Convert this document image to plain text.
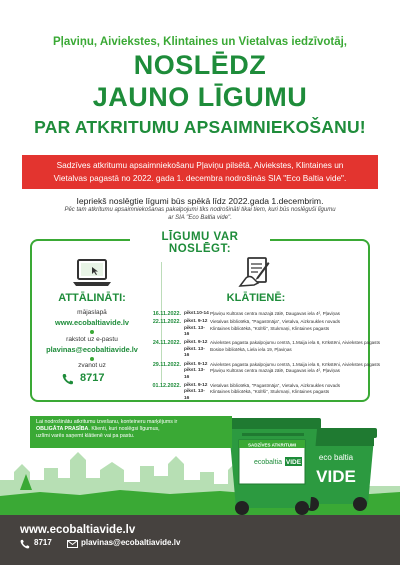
Pļaviņu, Aiviekstes, Klintaines un Vietalvas iedzīvotāj,
NOSLĒDZ
JAUNO LĪGUMU
PAR ATKRITUMU APSAIMNIEKOŠANU!
Sadzīves atkritumu apsaimniekošanu Pļaviņu pilsētā, Aiviekstes, Klintaines un
Vietalvas pagastā no 2022. gada 1. decembra nodrošinās SIA "Eco Baltia vide".
Iepriekš noslēgtie līgumi būs spēkā līdz 2022.gada 1.decembrim.
Pēc tam atkritumu apsaimniekošanas pakalpojumi tiks nodrošināti tikai tiem, kuri būs noslēguši līgumu
ar SIA "Eco Baltia vide".
LĪGUMU VAR NOSLĒGT:
ATTĀLINĀTI:
mājaslapā
www.ecobaltiavide.lv
rakstot uz e-pastu
plavinas@ecobaltiavide.lv
zvanot uz
8717
KLĀTIENĒ:
16.11.2022. pikst.10-14 Pļaviņu Kultūras centra mazajā zālē, Daugavas iela 4², Pļaviņas
22.11.2022. pikst. 9-12 Vietalvas bibliotēkā, "Pagastmāja", Vietalva, Aizkraukles novads
pikst. 13-16
Klintaines bibliotēkā, "Kūlīši", Stukmaņi, Klintaines pagasts
24.11.2022. pikst. 9-12 Aiviekstes pagasta pakalpojumu centrā, 1.Maija iela 6, Krīkstēni, Aiviekstes pagasts
pikst. 13-16
Bosiūe bibliotēkā, Liela iela 19, Pļaviņas
29.11.2022. pikst. 9-12 Aiviekstes pagasta pakalpojumu centrā, 1.Maija iela 6, Krīkstēni, Aiviekstes pagasts
pikst. 13-16
Pļaviņu Kultūras centra mazajā zālē, Daugavas iela 4², Pļaviņas
01.12.2022. pikst. 9-12 Vietalvas bibliotēkā, "Pagastmāja", Vietalva, Aizkraukles novads
pikst. 13-16
Klintaines bibliotēkā, "Kūlīši", Stukmaņi, Klintaines pagasts
SADZĪVES ATKRITUMI
ecobaltia VIDE
eco baltia
VIDE
Lai nodrošinātu atkritumu izvešanu, konteineru marķējums ir
OBLIGĀTA PRASĪBA. Klienti, kuri noslēgsi līgumus,
uzlīmi varēs saņemt klātienē vai pa pastu.
www.ecobaltiavide.lv
8717	plavinas@ecobaltiavide.lv
